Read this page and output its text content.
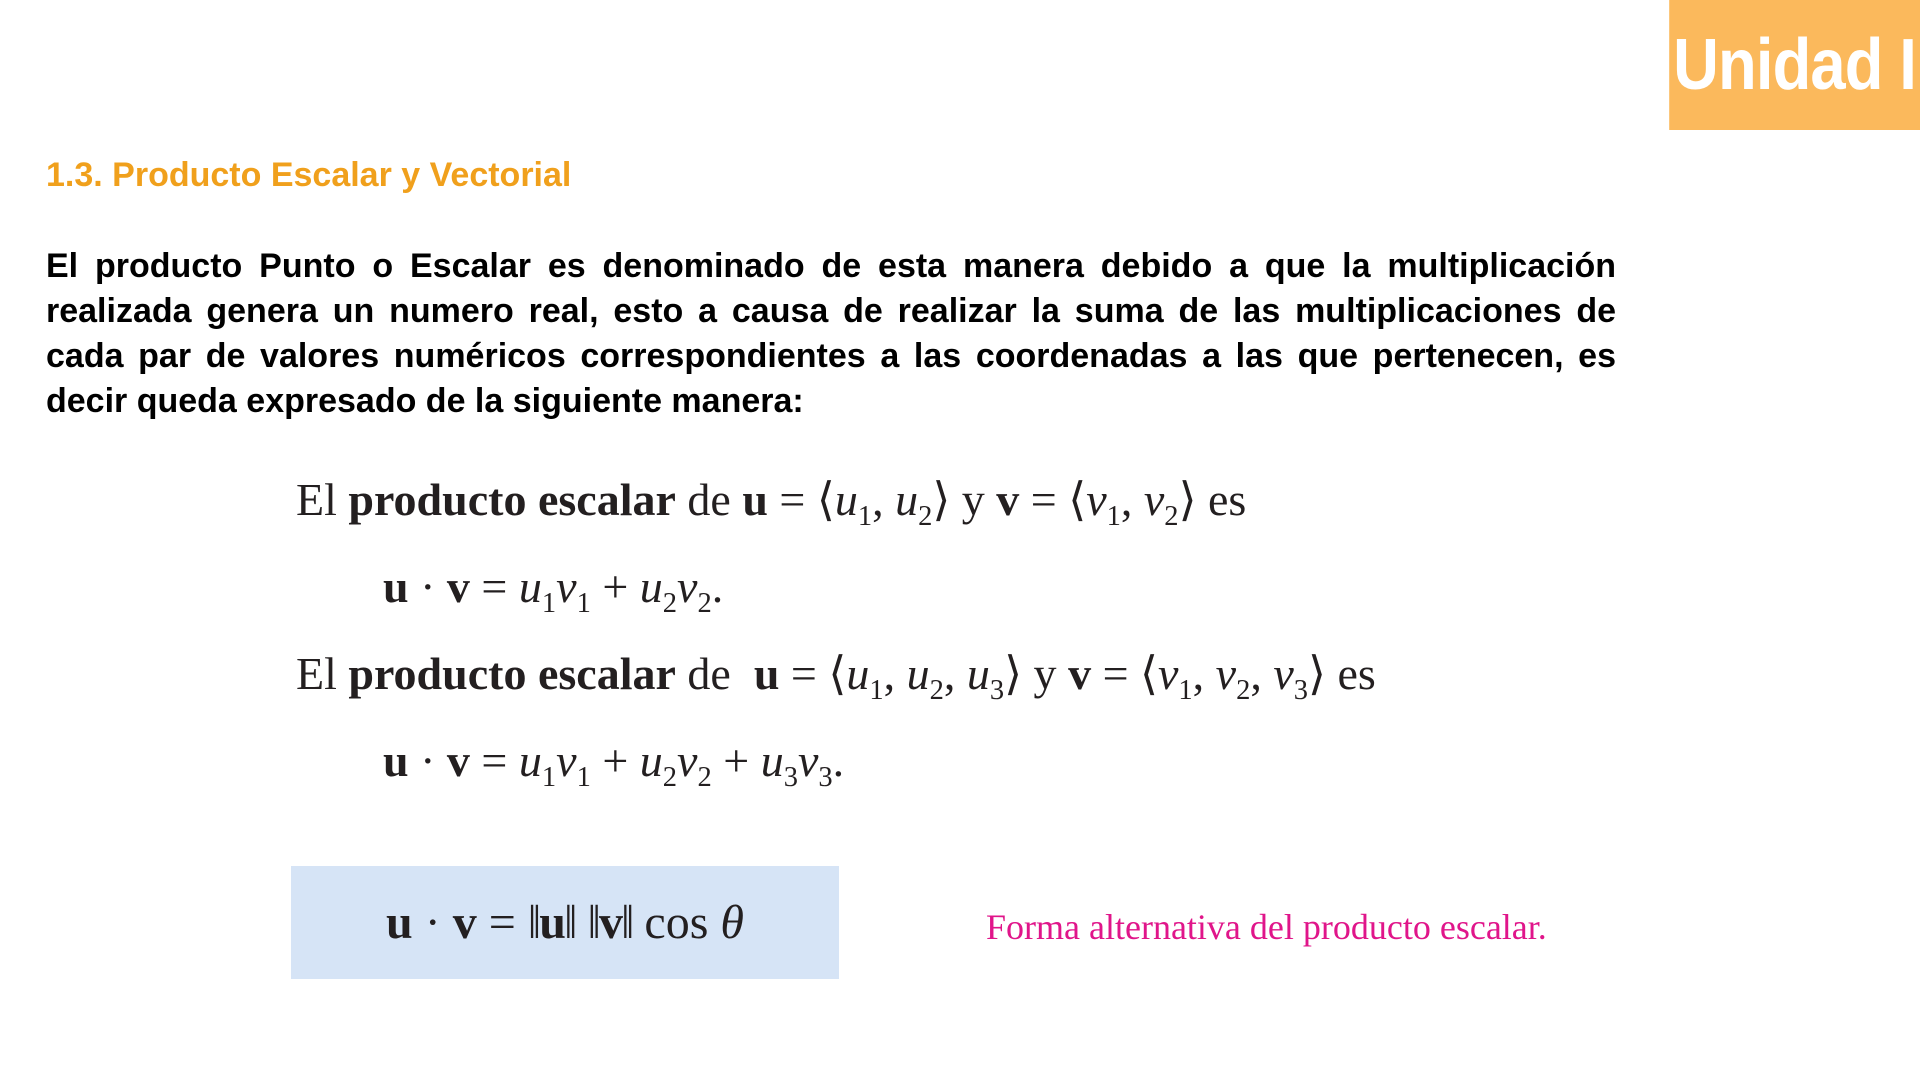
Unidad I
1.3. Producto Escalar y Vectorial

El producto Punto o Escalar es denominado de esta manera debido a que la multiplicación realizada genera un numero real, esto a causa de realizar la suma de las multiplicaciones de cada par de valores numéricos correspondientes a las coordenadas a las que pertenecen, es decir queda expresado de la siguiente manera:

El producto escalar de $u = ⟨u_1$, $u_2⟩$ y $v = ⟨v_1$, $v_2⟩$ es
$u \cdot v = u_1v_1 + u_2v_2$.
El producto escalar de $u = ⟨u_1$, $u_2$, $u_3⟩$ y $v = ⟨v_1$, $v_2$, $v_3⟩$ es
$u \cdot v = u_1v_1 + u_2v_2 + u_3v_3$.
u · v = ‖u‖ ‖v‖ cos θ	Forma alternativa del producto escalar.
